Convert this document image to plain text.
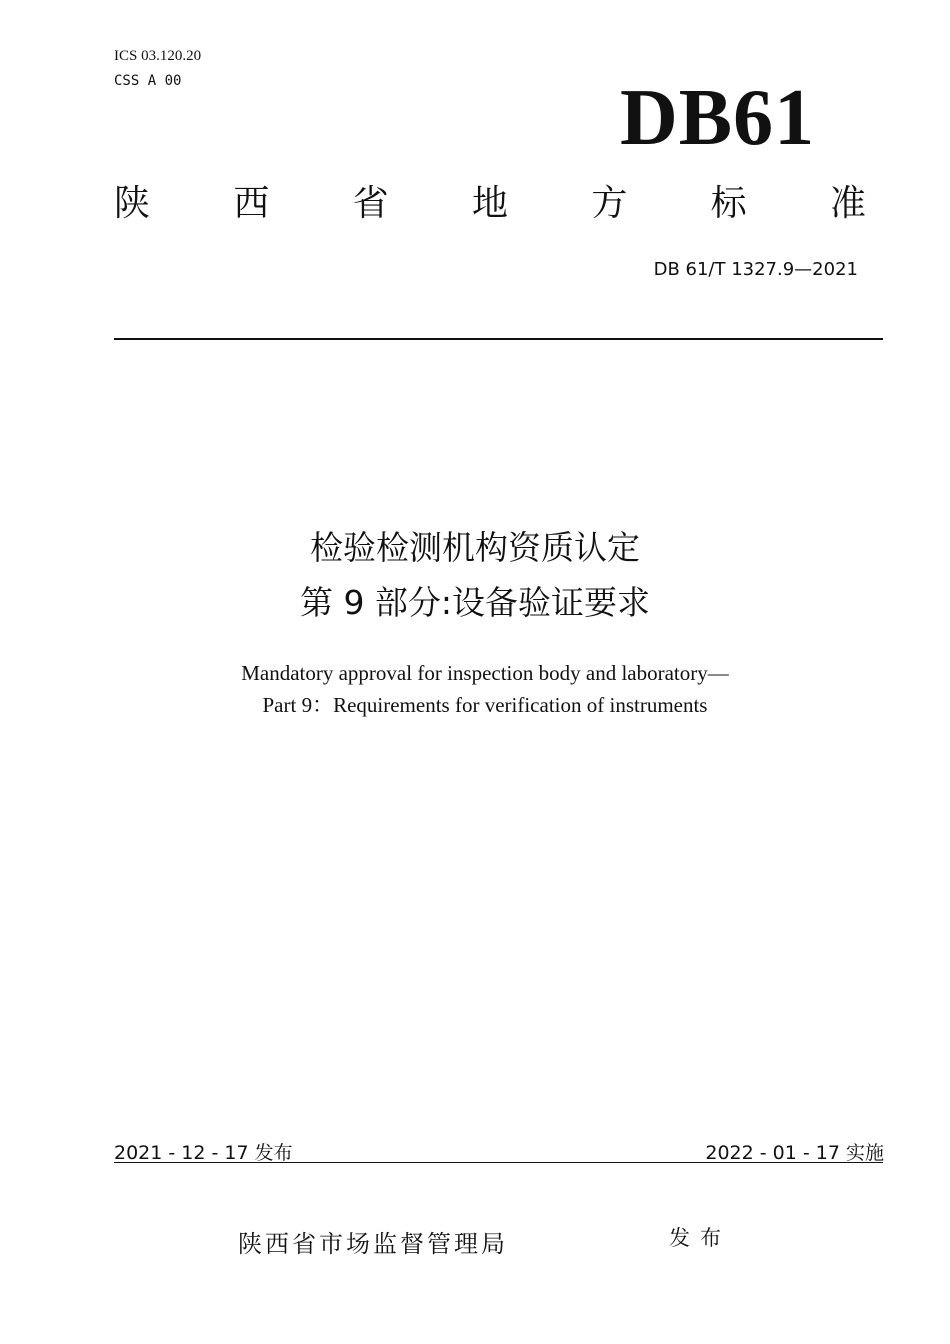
ICS 03.120.20
CSS A 00	DB61
陕 西 省 地 方 标 准
DB 61/T 1327.9—2021
检验检测机构资质认定
第 9 部分:设备验证要求
Mandatory approval for inspection body and laboratory—
Part 9：Requirements for verification of instruments
2021 - 12 - 17 发布	2022 - 01 - 17 实施
陕西省市场监督管理局	发布
